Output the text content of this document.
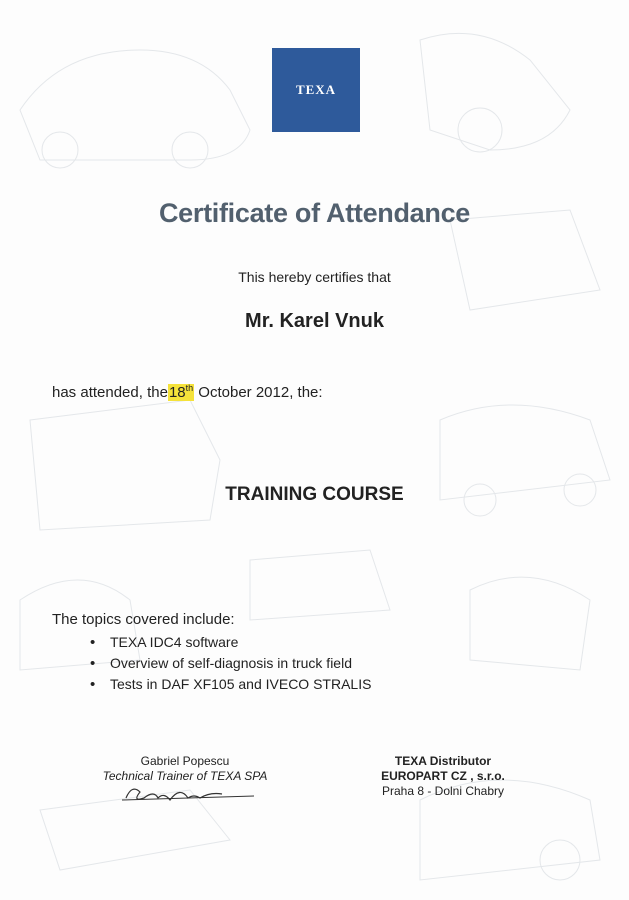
TEXA
Certificate of Attendance
This hereby certifies that
Mr. Karel Vnuk
has attended, the18th October 2012, the:
TRAINING COURSE
The topics covered include:
• TEXA IDC4 software
• Overview of self-diagnosis in truck field
• Tests in DAF XF105 and IVECO STRALIS
Gabriel Popescu
Technical Trainer of TEXA SPA
TEXA Distributor
EUROPART CZ , s.r.o.
Praha 8 - Dolni Chabry
